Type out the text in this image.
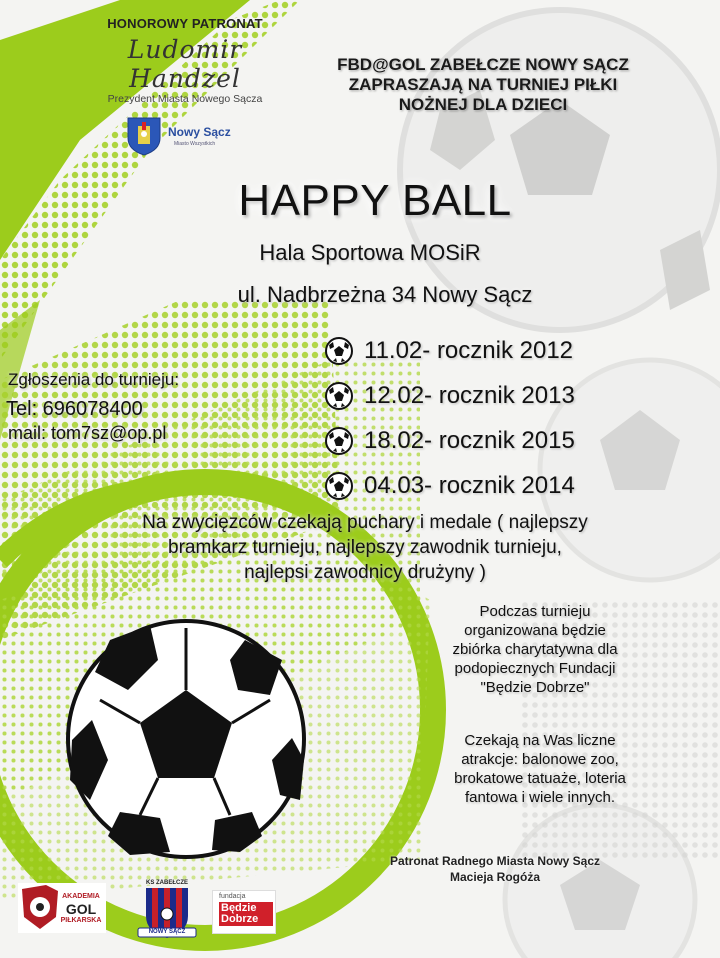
HONOROWY PATRONAT
Ludomir Handzel
Prezydent Miasta Nowego Sącza
Nowy Sącz
Miasto Wszystkich
FBD@GOL ZABEŁCZE NOWY SĄCZ
ZAPRASZAJĄ NA TURNIEJ PIŁKI
NOŻNEJ DLA DZIECI
HAPPY BALL
Hala Sportowa MOSiR
ul. Nadbrzeżna 34 Nowy Sącz
11.02- rocznik 2012
12.02- rocznik 2013
18.02- rocznik 2015
04.03- rocznik 2014
Zgłoszenia do turnieju:
Tel: 696078400
mail: tom7sz@op.pl
Na zwycięzców czekają puchary i medale ( najlepszy
bramkarz turnieju, najlepszy zawodnik turnieju,
najlepsi zawodnicy drużyny )
Podczas turnieju
organizowana będzie
zbiórka charytatywna dla
podopiecznych Fundacji
"Będzie Dobrze"
Czekają na Was liczne
atrakcje: balonowe zoo,
brokatowe tatuaże, loteria
fantowa i wiele innych.
Patronat Radnego Miasta Nowy Sącz
Macieja Rogóża
AKADEMIA
GOL
PIŁKARSKA
KS ZABEŁCZE
NOWY SĄCZ
fundacja
Będzie
Dobrze
